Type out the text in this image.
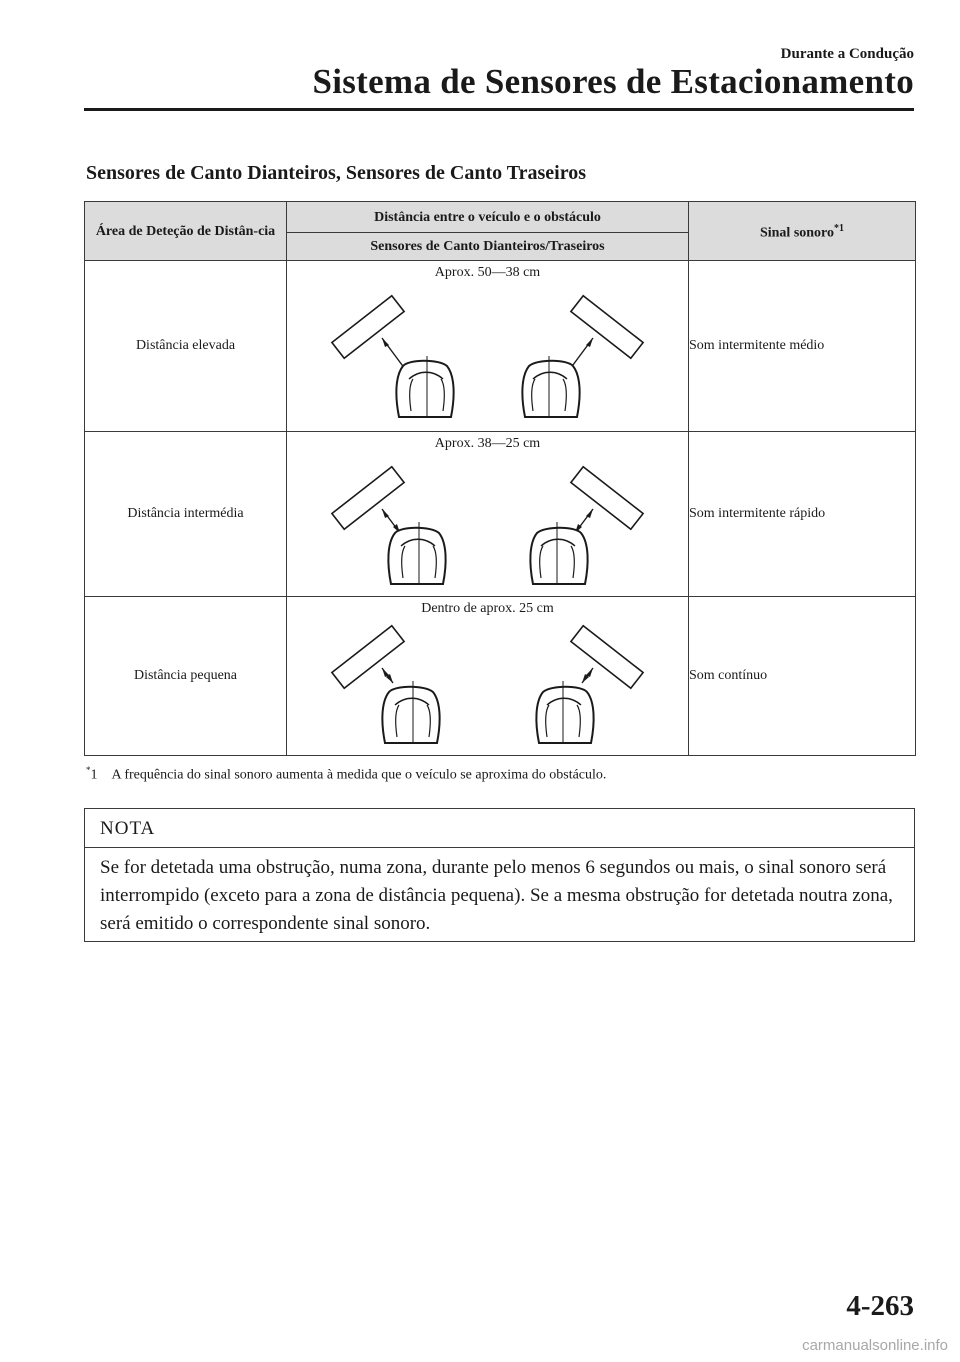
Durante a Condução
Sistema de Sensores de Estacionamento
Sensores de Canto Dianteiros, Sensores de Canto Traseiros
Área de Deteção de Distân-cia	Distância entre o veículo e o obstáculo	Sinal sonoro$^{*1}$
	Sensores de Canto Dianteiros/Traseiros	
Distância elevada	Aprox. 50―38 cm	Som intermitente médio
Distância intermédia	Aprox. 38―25 cm	Som intermitente rápido
Distância pequena	Dentro de aprox. 25 cm	Som contínuo
*1 A frequência do sinal sonoro aumenta à medida que o veículo se aproxima do obstáculo.
NOTA
Se for detetada uma obstrução, numa zona, durante pelo menos 6 segundos ou mais, o sinal sonoro será interrompido (exceto para a zona de distância pequena). Se a mesma obstrução for detetada noutra zona, será emitido o correspondente sinal sonoro.
4-263
carmanualsonline.info
